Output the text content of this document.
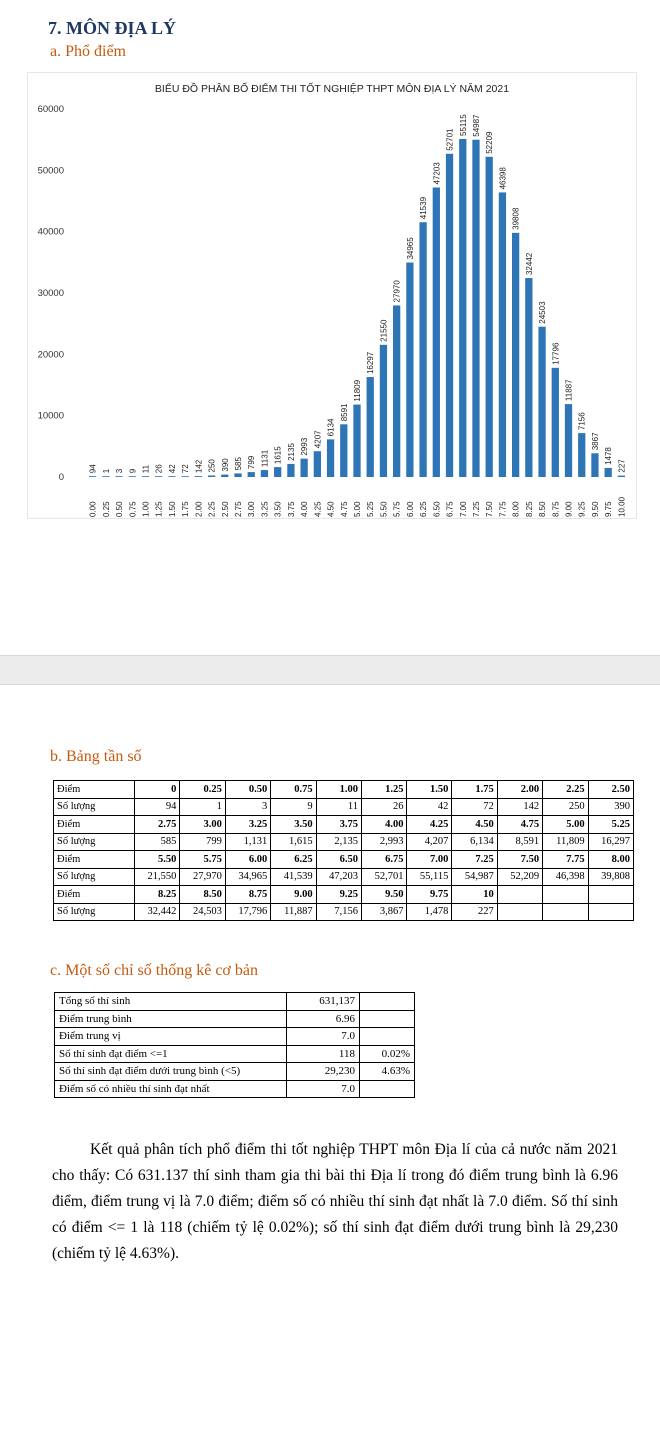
7. MÔN ĐỊA LÝ
a. Phổ điểm
BIỂU ĐỒ PHÂN BỐ ĐIỂM THI TỐT NGHIỆP THPT MÔN ĐỊA LÝ NĂM 2021
0
10000
20000
30000
40000
50000
60000
94
0.00
1
0.25
3
0.50
9
0.75
11
1.00
26
1.25
42
1.50
72
1.75
142
2.00
250
2.25
390
2.50
585
2.75
799
3.00
1131
3.25
1615
3.50
2135
3.75
2993
4.00
4207
4.25
6134
4.50
8591
4.75
11809
5.00
16297
5.25
21550
5.50
27970
5.75
34965
6.00
41539
6.25
47203
6.50
52701
6.75
55115
7.00
54987
7.25
52209
7.50
46398
7.75
39808
8.00
32442
8.25
24503
8.50
17796
8.75
11887
9.00
7156
9.25
3867
9.50
1478
9.75
227
10.00
b. Bảng tần số
Điểm	0	0.25	0.50	0.75	1.00	1.25	1.50	1.75	2.00	2.25	2.50
Số lượng	94	1	3	9	11	26	42	72	142	250	390
Điểm	2.75	3.00	3.25	3.50	3.75	4.00	4.25	4.50	4.75	5.00	5.25
Số lượng	585	799	1,131	1,615	2,135	2,993	4,207	6,134	8,591	11,809	16,297
Điểm	5.50	5.75	6.00	6.25	6.50	6.75	7.00	7.25	7.50	7.75	8.00
Số lượng	21,550	27,970	34,965	41,539	47,203	52,701	55,115	54,987	52,209	46,398	39,808
Điểm	8.25	8.50	8.75	9.00	9.25	9.50	9.75	10			
Số lượng	32,442	24,503	17,796	11,887	7,156	3,867	1,478	227			
c. Một số chỉ số thống kê cơ bản
Tổng số thí sinh	631,137	
Điểm trung bình	6.96	
Điểm trung vị	7.0	
Số thí sinh đạt điểm <=1	118	0.02%
Số thí sinh đạt điểm dưới trung bình (<5)	29,230	4.63%
Điểm số có nhiều thí sinh đạt nhất	7.0	
Kết quả phân tích phổ điểm thi tốt nghiệp THPT môn Địa lí của cả nước năm 2021 cho thấy: Có 631.137 thí sinh tham gia thi bài thi Địa lí trong đó điểm trung bình là 6.96 điểm, điểm trung vị là 7.0 điểm; điểm số có nhiều thí sinh đạt nhất là 7.0 điểm. Số thí sinh có điểm <= 1 là 118 (chiếm tỷ lệ 0.02%); số thí sinh đạt điểm dưới trung bình là 29,230 (chiếm tỷ lệ 4.63%).
